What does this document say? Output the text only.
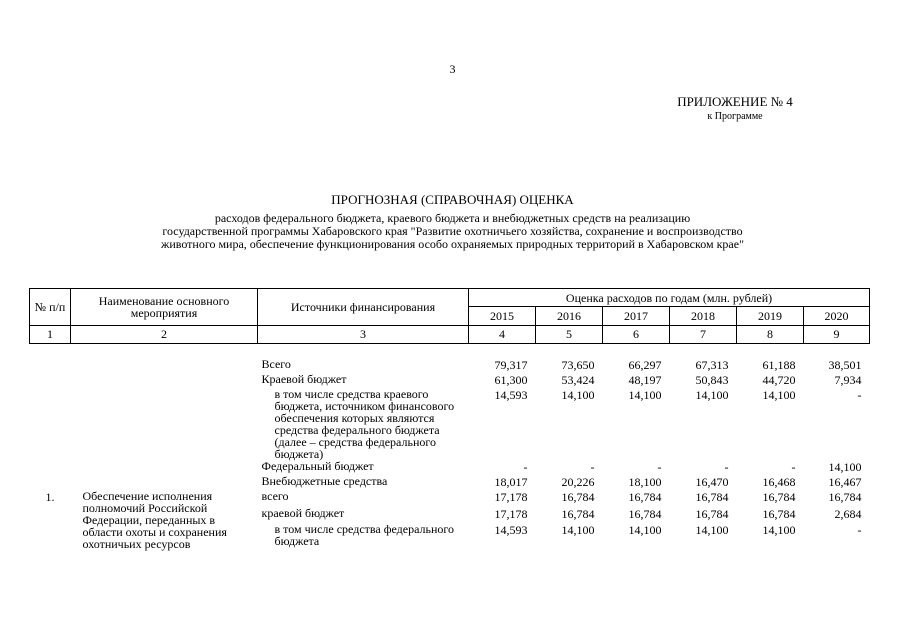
3
ПРИЛОЖЕНИЕ № 4
к Программе
ПРОГНОЗНАЯ (СПРАВОЧНАЯ) ОЦЕНКА
расходов федерального бюджета, краевого бюджета и внебюджетных средств на реализацию
государственной программы Хабаровского края "Развитие охотничьего хозяйства, сохранение и воспроизводство
животного мира, обеспечение функционирования особо охраняемых природных территорий в Хабаровском крае"
№ п/п	Наименование основного мероприятия	Источники финансирования	Оценка расходов по годам (млн. рублей)					
			2015	2016	2017	2018	2019	2020
1	2	3	4	5	6	7	8	9

		Всего	79,317	73,650	66,297	67,313	61,188	38,501
		Краевой бюджет	61,300	53,424	48,197	50,843	44,720	7,934
		в том числе средства краевого бюджета, источником финансового обеспечения которых являются средства федерального бюджета (далее – средства федерального бюджета)	14,593	14,100	14,100	14,100	14,100	-
		Федеральный бюджет	-	-	-	-	-	14,100
		Внебюджетные средства	18,017	20,226	18,100	16,470	16,468	16,467
1.	Обеспечение исполнения полномочий Российской Федерации, переданных в области охоты и сохранения охотничьих ресурсов	всего	17,178	16,784	16,784	16,784	16,784	16,784
		краевой бюджет	17,178	16,784	16,784	16,784	16,784	2,684
		в том числе средства федерального бюджета	14,593	14,100	14,100	14,100	14,100	-
